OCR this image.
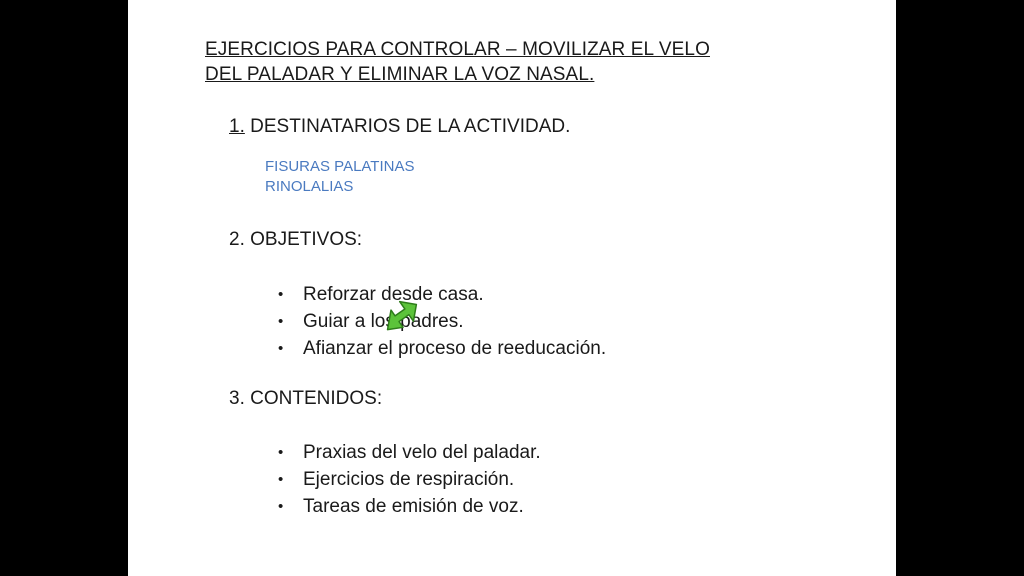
EJERCICIOS PARA CONTROLAR – MOVILIZAR EL VELO
DEL PALADAR Y ELIMINAR LA VOZ NASAL.
1. DESTINATARIOS DE LA ACTIVIDAD.
FISURAS PALATINAS
RINOLALIAS
2. OBJETIVOS:
• Reforzar desde casa.
• Guiar a los padres.
• Afianzar el proceso de reeducación.
3. CONTENIDOS:
• Praxias del velo del paladar.
• Ejercicios de respiración.
• Tareas de emisión de voz.
